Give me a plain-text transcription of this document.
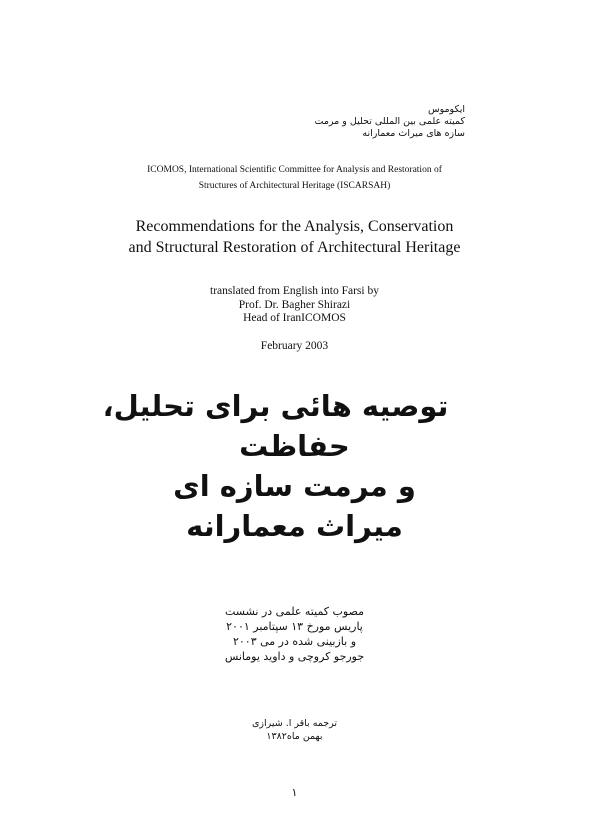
ایکوموس
کمیته علمی بین المللی تحلیل و مرمت
سازه های میراث معمارانه
ICOMOS, International Scientific Committee for Analysis and Restoration of
Structures of Architectural Heritage (ISCARSAH)
Recommendations for the Analysis, Conservation
and Structural Restoration of Architectural Heritage
translated from English into Farsi by
Prof. Dr. Bagher Shirazi
Head of IranICOMOS
February 2003
توصیه هائی برای تحلیل،
حفاظت
و مرمت سازه ای
میراث معمارانه
مصوب کمیته علمی در نشست
پاریس مورخ ۱۳ سپتامبر ۲۰۰۱
و بازبینی شده در می ۲۰۰۳
جورجو کروچی و داوید یومانس
ترجمه باقر ا. شیرازی
بهمن ماه۱۳۸۲
۱
